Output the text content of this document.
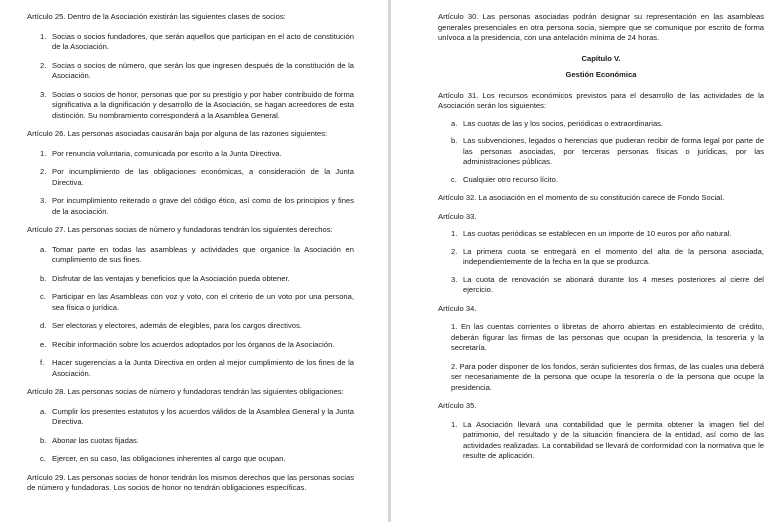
Artículo 25. Dentro de la Asociación existirán las siguientes clases de socios:

1. Socias o socios fundadores, que serán aquellos que participan en el acto de constitución de la Asociación.
2. Socias o socios de número, que serán los que ingresen después de la constitución de la Asociación.
3. Socias o socios de honor, personas que por su prestigio y por haber contribuido de forma significativa a la dignificación y desarrollo de la Asociación, se hagan acreedores de esta distinción. Su nombramiento corresponderá a la Asamblea General.

Artículo 26. Las personas asociadas causarán baja por alguna de las razones siguientes:

1. Por renuncia voluntaria, comunicada por escrito a la Junta Directiva.
2. Por incumplimiento de las obligaciones económicas, a consideración de la Junta Directiva.
3. Por incumplimiento reiterado o grave del código ético, así como de los principios y fines de la asociación.

Artículo 27. Las personas socias de número y fundadoras tendrán los siguientes derechos:

a. Tomar parte en todas las asambleas y actividades que organice la Asociación en cumplimiento de sus fines.
b. Disfrutar de las ventajas y beneficios que la Asociación pueda obtener.
c. Participar en las Asambleas con voz y voto, con el criterio de un voto por una persona, sea física o jurídica.
d. Ser electoras y electores, además de elegibles, para los cargos directivos.
e. Recibir información sobre los acuerdos adoptados por los órganos de la Asociación.
f. Hacer sugerencias a la Junta Directiva en orden al mejor cumplimiento de los fines de la Asociación.

Artículo 28. Las personas socias de número y fundadoras tendrán las siguientes obligaciones:

a. Cumplir los presentes estatutos y los acuerdos válidos de la Asamblea General y la Junta Directiva.
b. Abonar las cuotas fijadas.
c. Ejercer, en su caso, las obligaciones inherentes al cargo que ocupan.

Artículo 29. Las personas socias de honor tendrán los mismos derechos que las personas socias de número y fundadoras. Los socios de honor no tendrán obligaciones específicas.

Artículo 30. Las personas asociadas podrán designar su representación en las asambleas generales presenciales en otra persona socia, siempre que se comunique por escrito de forma unívoca a la presidencia, con una antelación mínima de 24 horas.

Capítulo V.

Gestión Económica

Artículo 31. Los recursos económicos previstos para el desarrollo de las actividades de la Asociación serán los siguientes:

a. Las cuotas de las y los socios, periódicas o extraordinarias.
b. Las subvenciones, legados o herencias que pudieran recibir de forma legal por parte de las personas asociadas, por terceras personas físicas o jurídicas, por las administraciones públicas.
c. Cualquier otro recurso lícito.

Artículo 32. La asociación en el momento de su constitución carece de Fondo Social.

Artículo 33.

1. Las cuotas periódicas se establecen en un importe de 10 euros por año natural.
2. La primera cuota se entregará en el momento del alta de la persona asociada, independientemente de la fecha en la que se produzca.
3. La cuota de renovación se abonará durante los 4 meses posteriores al cierre del ejercicio.

Artículo 34.

1. En las cuentas corrientes o libretas de ahorro abiertas en establecimiento de crédito, deberán figurar las firmas de las personas que ocupan la presidencia, la tesorería y la secretaría.
2. Para poder disponer de los fondos, serán suficientes dos firmas, de las cuales una deberá ser necesariamente de la persona que ocupe la tesorería o de la persona que ocupe la presidencia.

Artículo 35.

1. La Asociación llevará una contabilidad que le permita obtener la imagen fiel del patrimonio, del resultado y de la situación financiera de la entidad, así como de las actividades realizadas. La contabilidad se llevará de conformidad con la normativa que le resulte de aplicación.
